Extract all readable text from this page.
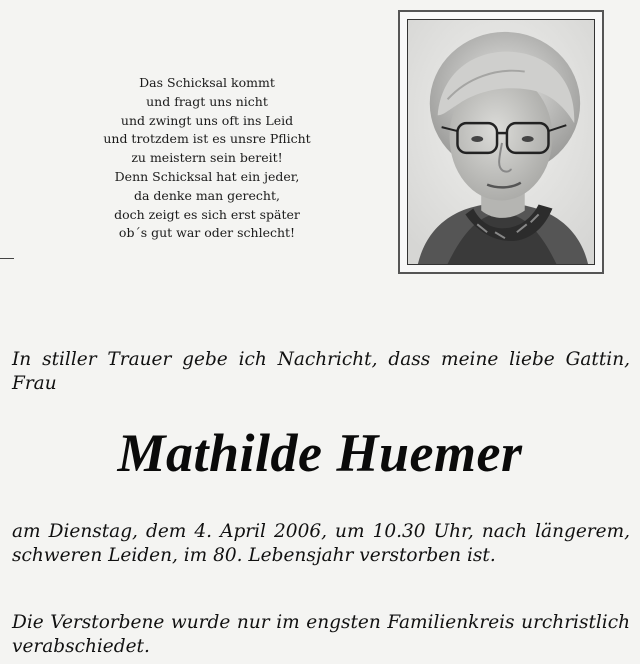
Das Schicksal kommt
und fragt uns nicht
und zwingt uns oft ins Leid
und trotzdem ist es unsre Pflicht
zu meistern sein bereit!
Denn Schicksal hat ein jeder,
da denke man gerecht,
doch zeigt es sich erst später
ob´s gut war oder schlecht!
In stiller Trauer gebe ich Nachricht, dass meine liebe Gattin, Frau
Mathilde Huemer
am Dienstag, dem 4. April 2006, um 10.30 Uhr, nach längerem, schweren Leiden, im 80. Lebensjahr verstorben ist.
Die Verstorbene wurde nur im engsten Familienkreis urchristlich verabschiedet.
